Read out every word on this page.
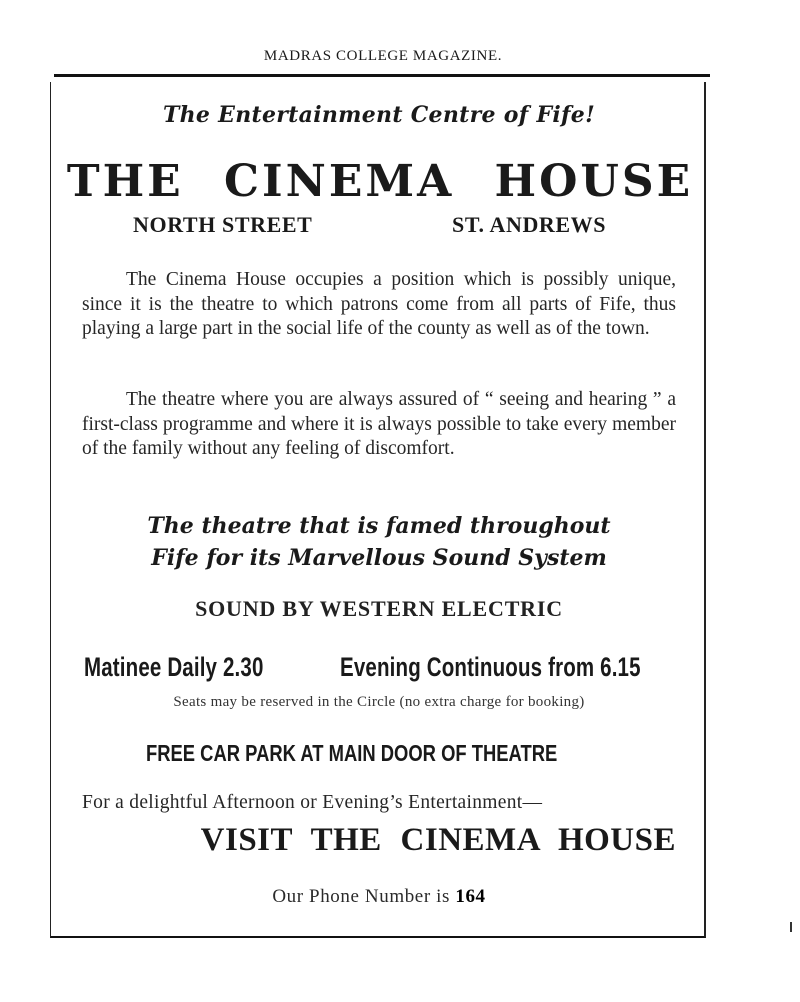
MADRAS COLLEGE MAGAZINE.

The Entertainment Centre of Fife!

THE CINEMA HOUSE
NORTH STREET	ST. ANDREWS

The Cinema House occupies a position which is possibly unique, since it is the theatre to which patrons come from all parts of Fife, thus playing a large part in the social life of the county as well as of the town.

The theatre where you are always assured of “ seeing and hearing ” a first-class programme and where it is always possible to take every member of the family without any feeling of discomfort.

The theatre that is famed throughout
Fife for its Marvellous Sound System
SOUND BY WESTERN ELECTRIC
Matinee Daily 2.30	Evening Continuous from 6.15
Seats may be reserved in the Circle (no extra charge for booking)
FREE CAR PARK AT MAIN DOOR OF THEATRE
For a delightful Afternoon or Evening’s Entertainment—
VISIT THE CINEMA HOUSE
Our Phone Number is 164
